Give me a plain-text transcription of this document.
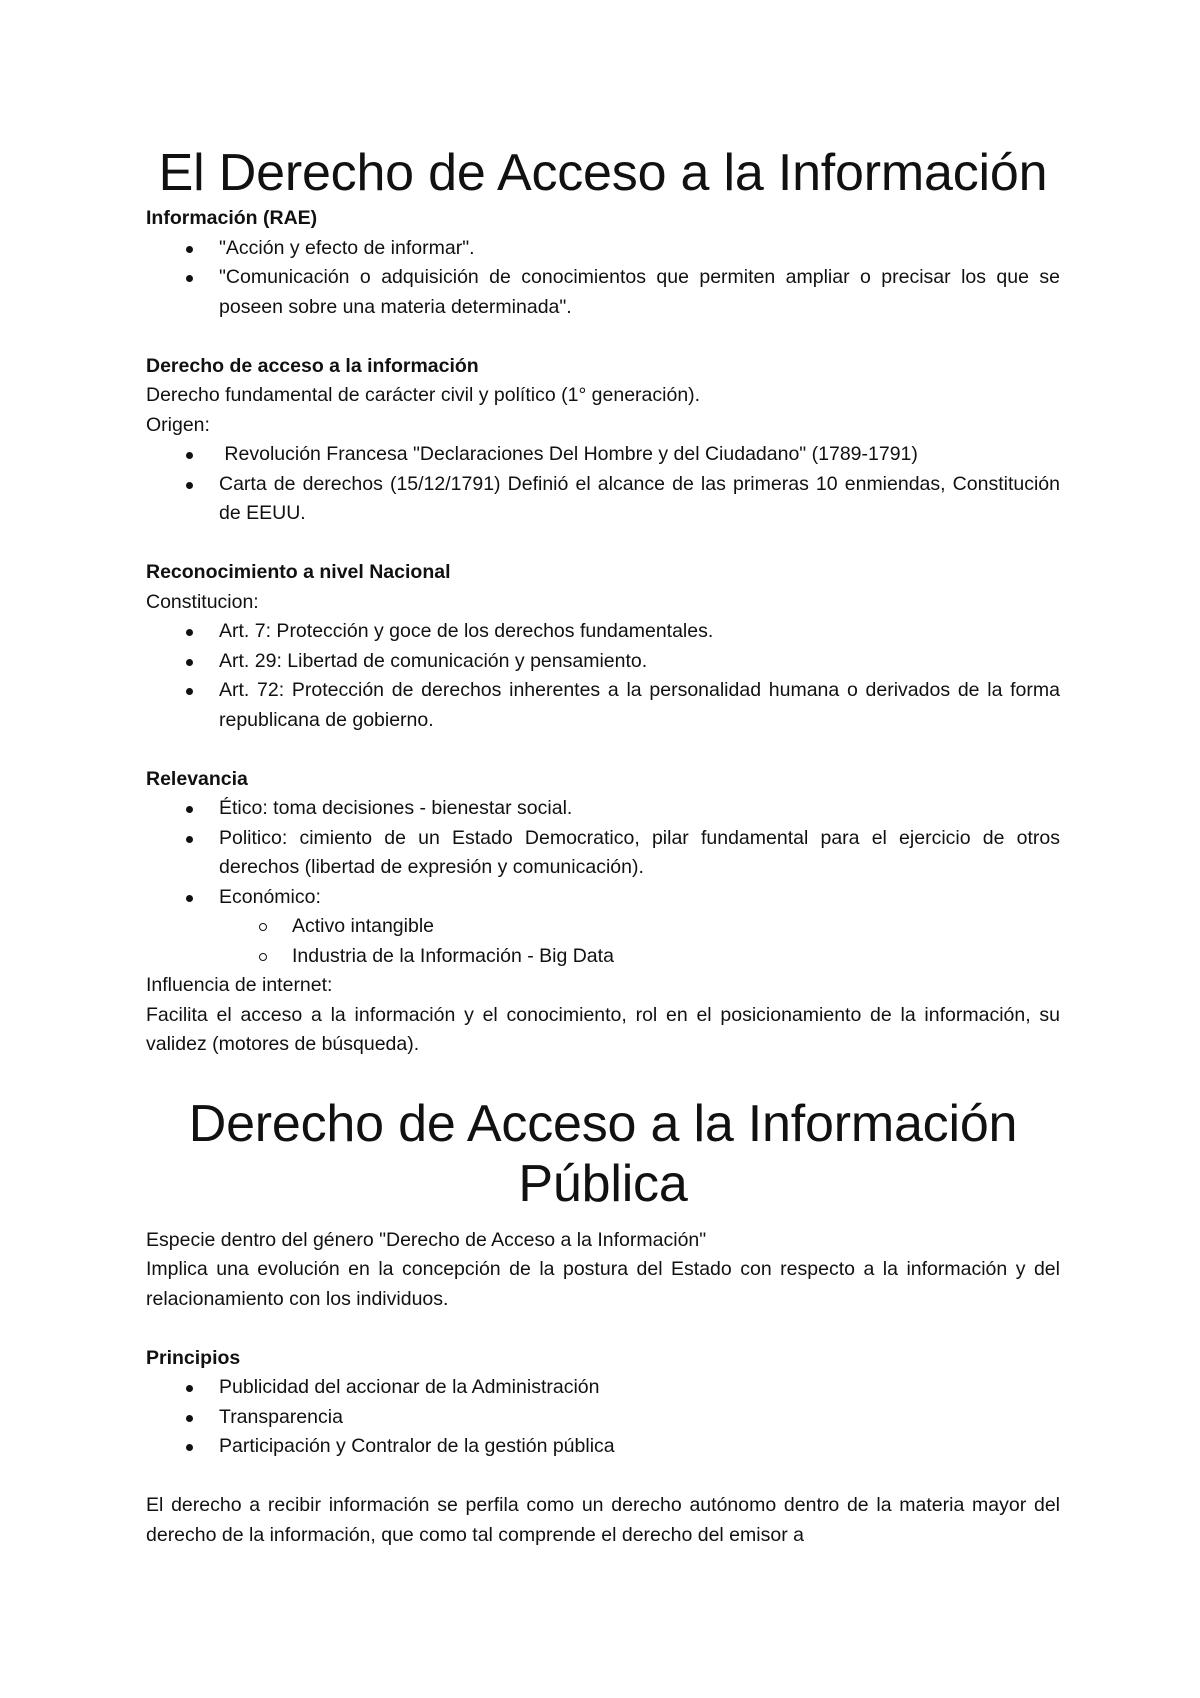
El Derecho de Acceso a la Información

Información (RAE)

"Acción y efecto de informar".
"Comunicación o adquisición de conocimientos que permiten ampliar o precisar los que se poseen sobre una materia determinada".

Derecho de acceso a la información

Derecho fundamental de carácter civil y político (1° generación).

Origen:

Revolución Francesa "Declaraciones Del Hombre y del Ciudadano" (1789-1791)
Carta de derechos (15/12/1791) Definió el alcance de las primeras 10 enmiendas, Constitución de EEUU.

Reconocimiento a nivel Nacional

Constitucion:

Art. 7: Protección y goce de los derechos fundamentales.
Art. 29: Libertad de comunicación y pensamiento.
Art. 72: Protección de derechos inherentes a la personalidad humana o derivados de la forma republicana de gobierno.

Relevancia

Ético: toma decisiones - bienestar social.
Politico: cimiento de un Estado Democratico, pilar fundamental para el ejercicio de otros derechos (libertad de expresión y comunicación).
Económico:
Activo intangible
Industria de la Información - Big Data

Influencia de internet:

Facilita el acceso a la información y el conocimiento, rol en el posicionamiento de la información, su validez (motores de búsqueda).

Derecho de Acceso a la Información Pública

Especie dentro del género "Derecho de Acceso a la Información"

Implica una evolución en la concepción de la postura del Estado con respecto a la información y del relacionamiento con los individuos.

Principios

Publicidad del accionar de la Administración
Transparencia
Participación y Contralor de la gestión pública

El derecho a recibir información se perfila como un derecho autónomo dentro de la materia mayor del derecho de la información, que como tal comprende el derecho del emisor a
